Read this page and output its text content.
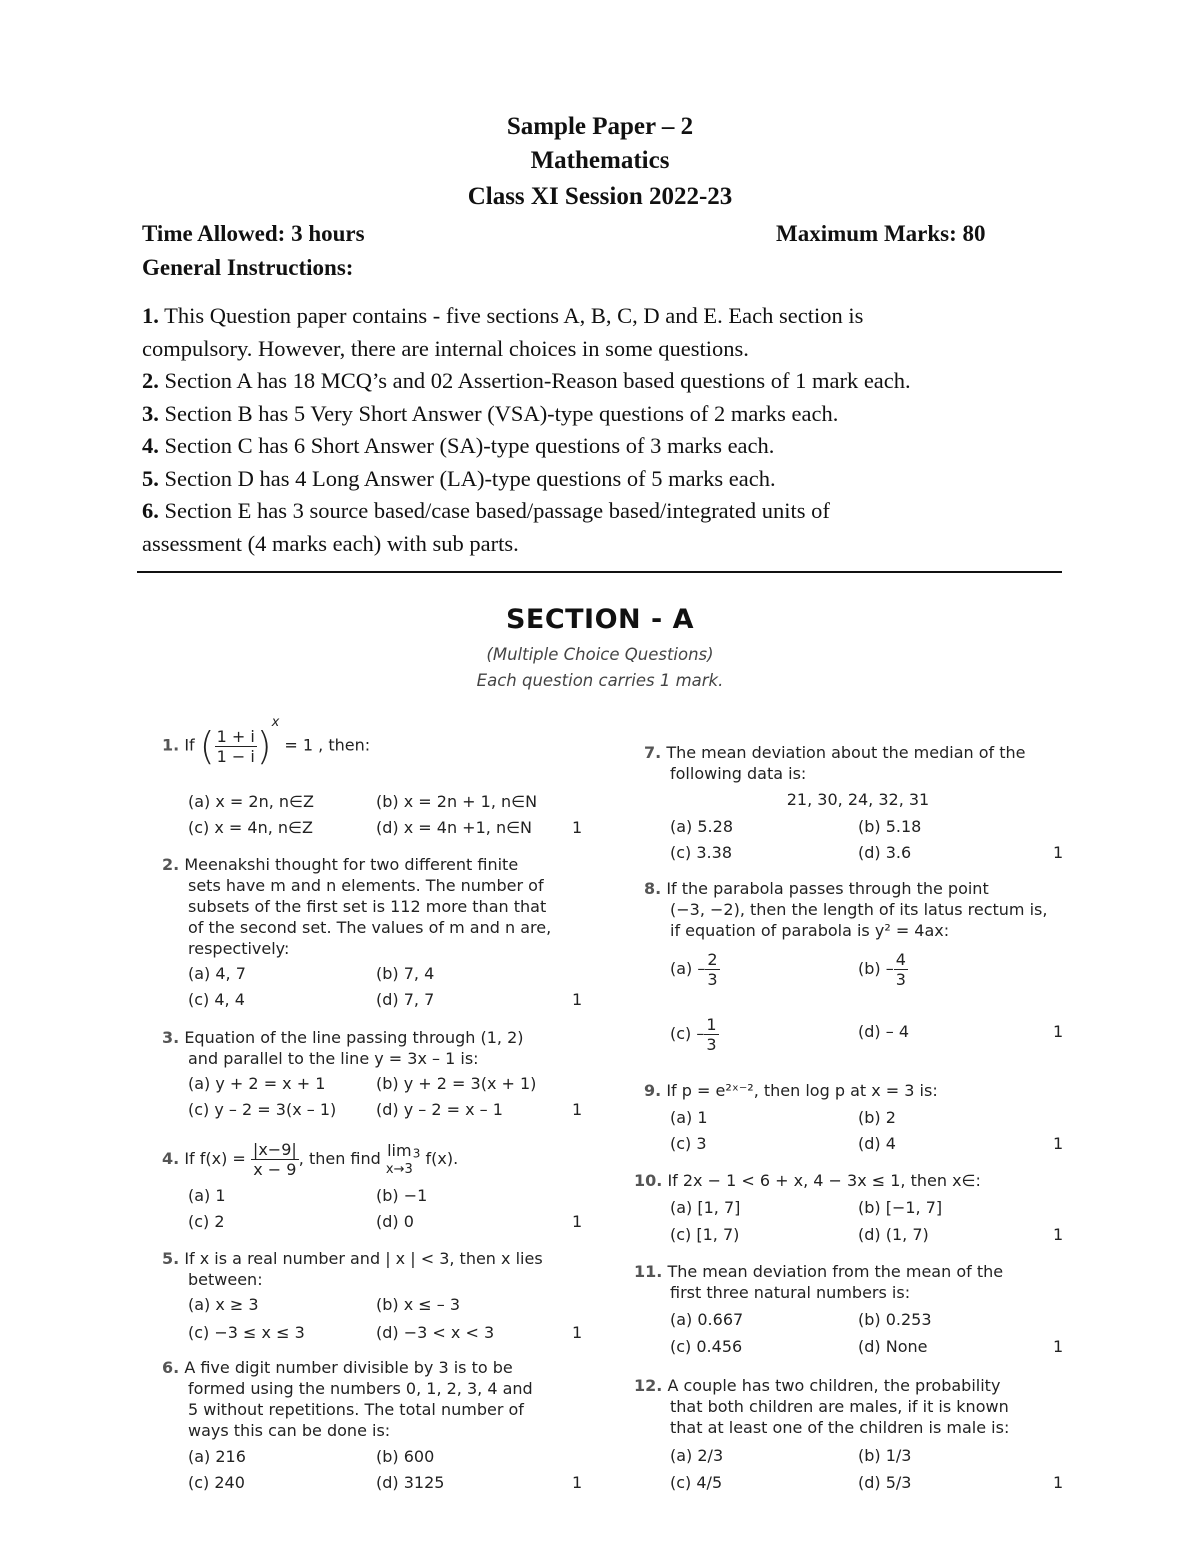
Sample Paper – 2
Mathematics
Class XI Session 2022-23
Time Allowed: 3 hours	Maximum Marks: 80
General Instructions:
1. This Question paper contains - five sections A, B, C, D and E. Each section is
compulsory. However, there are internal choices in some questions.
2. Section A has 18 MCQ’s and 02 Assertion-Reason based questions of 1 mark each.
3. Section B has 5 Very Short Answer (VSA)-type questions of 2 marks each.
4. Section C has 6 Short Answer (SA)-type questions of 3 marks each.
5. Section D has 4 Long Answer (LA)-type questions of 5 marks each.
6. Section E has 3 source based/case based/passage based/integrated units of
assessment (4 marks each) with sub parts.
SECTION - A
(Multiple Choice Questions)
Each question carries 1 mark.
1. If ( $\frac{1 + i}{1 - i} )^x = 1$ , then:
(a) x = 2n, n∈Z	(b) x = 2n + 1, n∈N
(c) x = 4n, n∈Z	(d) x = 4n +1, n∈N	1
2. Meenakshi thought for two different finite
sets have m and n elements. The number of
subsets of the first set is 112 more than that
of the second set. The values of m and n are,
respectively:
(a) 4, 7	(b) 7, 4
(c) 4, 4	(d) 7, 7	1
3. Equation of the line passing through (1, 2)
and parallel to the line y = 3x – 1 is:
(a) y + 2 = x + 1	(b) y + 2 = 3(x + 1)
(c) y – 2 = 3(x – 1) (d) y – 2 = x – 1	1
4. If $f(x) = \frac{|x-9|}{x - 9}$ , then find lim
x→3
$^3$ f(x).
(a) 1	(b) −1
(c) 2	(d) 0	1
5. If x is a real number and | x | < 3, then x lies
between:
(a) x ≥ 3	(b) x ≤ – 3
(c) −3 ≤ x ≤ 3	(d) −3 < x < 3	1
6. A five digit number divisible by 3 is to be
formed using the numbers 0, 1, 2, 3, 4 and
5 without repetitions. The total number of
ways this can be done is:
(a) 216	(b) 600
(c) 240	(d) 3125	1
7. The mean deviation about the median of the
following data is:
21, 30, 24, 32, 31
(a) 5.28	(b) 5.18
(c) 3.38	(d) 3.6	1
8. If the parabola passes through the point
(−3, −2), then the length of its latus rectum is,
if equation of parabola is y² = 4ax:
$(a) - \frac{2}{3}$	$(b) - \frac{4}{3}$
$(c) - \frac{1}{3}$	(d) – 4	1
9. If p = e²ˣ⁻², then log p at x = 3 is:
(a) 1	(b) 2
(c) 3	(d) 4	1
10. If 2x − 1 < 6 + x, 4 − 3x ≤ 1, then x∈:
(a) [1, 7]	(b) [−1, 7]
(c) [1, 7)	(d) (1, 7)	1
11. The mean deviation from the mean of the
first three natural numbers is:
(a) 0.667	(b) 0.253
(c) 0.456	(d) None	1
12. A couple has two children, the probability
that both children are males, if it is known
that at least one of the children is male is:
(a) 2/3	(b) 1/3
(c) 4/5	(d) 5/3	1
